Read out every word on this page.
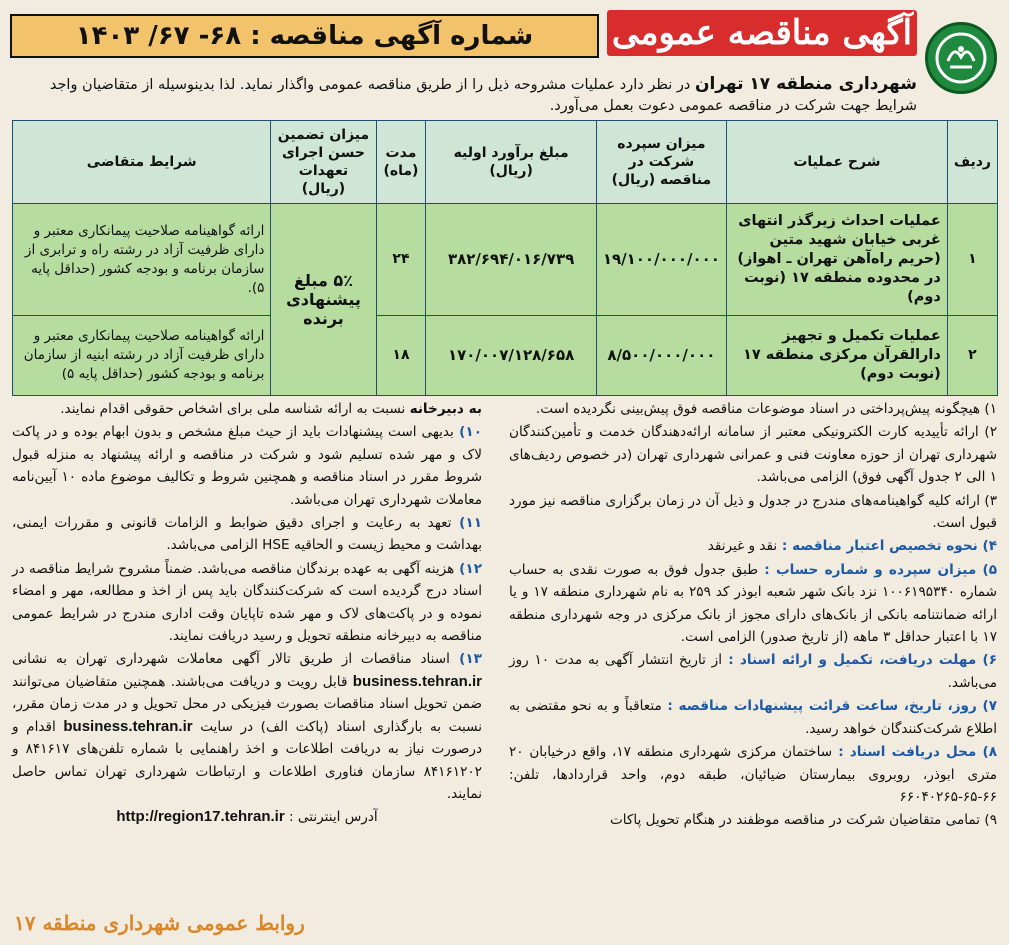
آگهی مناقصه عمومی
شماره آگهی مناقصه : ۶۸- ۶۷/ ۱۴۰۳
شهرداری منطقه ۱۷ تهران در نظر دارد عملیات مشروحه ذیل را از طریق مناقصه عمومی واگذار نماید. لذا بدینوسیله از متقاضیان واجد شرایط جهت شرکت در مناقصه عمومی دعوت بعمل می‌آورد.
ردیف	شرح عملیات	میزان سپرده شرکت در مناقصه (ریال)	مبلغ برآورد اولیه (ریال)	مدت (ماه)	میزان تضمین حسن اجرای تعهدات (ریال)	شرایط متقاضی
۱	عملیات احداث زیرگذر انتهای غربی خیابان شهید متین (حریم راه‌آهن تهران ـ اهواز) در محدوده منطقه ۱۷ (نوبت دوم)	۱۹/۱۰۰/۰۰۰/۰۰۰	۳۸۲/۶۹۴/۰۱۶/۷۳۹	۲۴	۵٪ مبلغ پیشنهادی برنده	ارائه گواهینامه صلاحیت پیمانکاری معتبر و دارای ظرفیت آزاد در رشته راه و ترابری از سازمان برنامه و بودجه کشور (حداقل پایه ۵).
۲	عملیات تکمیل و تجهیز دارالقرآن مرکزی منطقه ۱۷ (نوبت دوم)	۸/۵۰۰/۰۰۰/۰۰۰	۱۷۰/۰۰۷/۱۲۸/۶۵۸	۱۸		ارائه گواهینامه صلاحیت پیمانکاری معتبر و دارای ظرفیت آزاد در رشته ابنیه از سازمان برنامه و بودجه کشور (حداقل پایه ۵)

۱) هیچگونه پیش‌پرداختی در اسناد موضوعات مناقصه فوق پیش‌بینی نگردیده است.

۲) ارائه تأییدیه کارت الکترونیکی معتبر از سامانه ارائه‌دهندگان خدمت و تأمین‌کنندگان شهرداری تهران از حوزه معاونت فنی و عمرانی شهرداری تهران (در خصوص ردیف‌های ۱ الی ۲ جدول آگهی فوق) الزامی می‌باشد.

۳) ارائه کلیه گواهینامه‌های مندرج در جدول و ذیل آن در زمان برگزاری مناقصه نیز مورد قبول است.

۴) نحوه تخصیص اعتبار مناقصه : نقد و غیرنقد

۵) میزان سپرده و شماره حساب : طبق جدول فوق به صورت نقدی به حساب شماره ۱۰۰۶۱۹۵۳۴۰ نزد بانک شهر شعبه ابوذر کد ۲۵۹ به نام شهرداری منطقه ۱۷ و یا ارائه ضمانتنامه بانکی از بانک‌های دارای مجوز از بانک مرکزی در وجه شهرداری منطقه ۱۷ با اعتبار حداقل ۳ ماهه (از تاریخ صدور) الزامی است.

۶) مهلت دریافت، تکمیل و ارائه اسناد : از تاریخ انتشار آگهی به مدت ۱۰ روز می‌باشد.

۷) روز، تاریخ، ساعت قرائت پیشنهادات مناقصه : متعاقباً و به نحو مقتضی به اطلاع شرکت‌کنندگان خواهد رسید.

۸) محل دریافت اسناد : ساختمان مرکزی شهرداری منطقه ۱۷، واقع درخیابان ۲۰ متری ابوذر، روبروی بیمارستان ضیائیان، طبقه دوم، واحد قراردادها، تلفن: ۶۶-۶۵-۶۶۰۴۰۲۶۵

۹) تمامی متقاضیان شرکت در مناقصه موظفند در هنگام تحویل پاکات

به دبیرخانه نسبت به ارائه شناسه ملی برای اشخاص حقوقی اقدام نمایند.

۱۰) بدیهی است پیشنهادات باید از حیث مبلغ مشخص و بدون ابهام بوده و در پاکت لاک و مهر شده تسلیم شود و شرکت در مناقصه و ارائه پیشنهاد به منزله قبول شروط مقرر در اسناد مناقصه و همچنین شروط و تکالیف موضوع ماده ۱۰ آیین‌نامه معاملات شهرداری تهران می‌باشد.

۱۱) تعهد به رعایت و اجرای دقیق ضوابط و الزامات قانونی و مقررات ایمنی، بهداشت و محیط زیست و الحاقیه HSE الزامی می‌باشد.

۱۲) هزینه آگهی به عهده برندگان مناقصه می‌باشد. ضمناً مشروح شرایط مناقصه در اسناد درج گردیده است که شرکت‌کنندگان باید پس از اخذ و مطالعه، مهر و امضاء نموده و در پاکت‌های لاک و مهر شده تاپایان وقت اداری مندرج در شرایط عمومی مناقصه به دبیرخانه منطقه تحویل و رسید دریافت نمایند.

۱۳) اسناد مناقصات از طریق تالار آگهی معاملات شهرداری تهران به نشانی business.tehran.ir قابل رویت و دریافت می‌باشند. همچنین متقاضیان می‌توانند ضمن تحویل اسناد مناقصات بصورت فیزیکی در محل تحویل و در مدت زمان مقرر، نسبت به بارگذاری اسناد (پاکت الف) در سایت business.tehran.ir اقدام و درصورت نیاز به دریافت اطلاعات و اخذ راهنمایی با شماره تلفن‌های ۸۴۱۶۱۷ و ۸۴۱۶۱۲۰۲ سازمان فناوری اطلاعات و ارتباطات شهرداری تهران تماس حاصل نمایند.

آدرس اینترنتی : http://region17.tehran.ir

روابط عمومی شهرداری منطقه ۱۷
